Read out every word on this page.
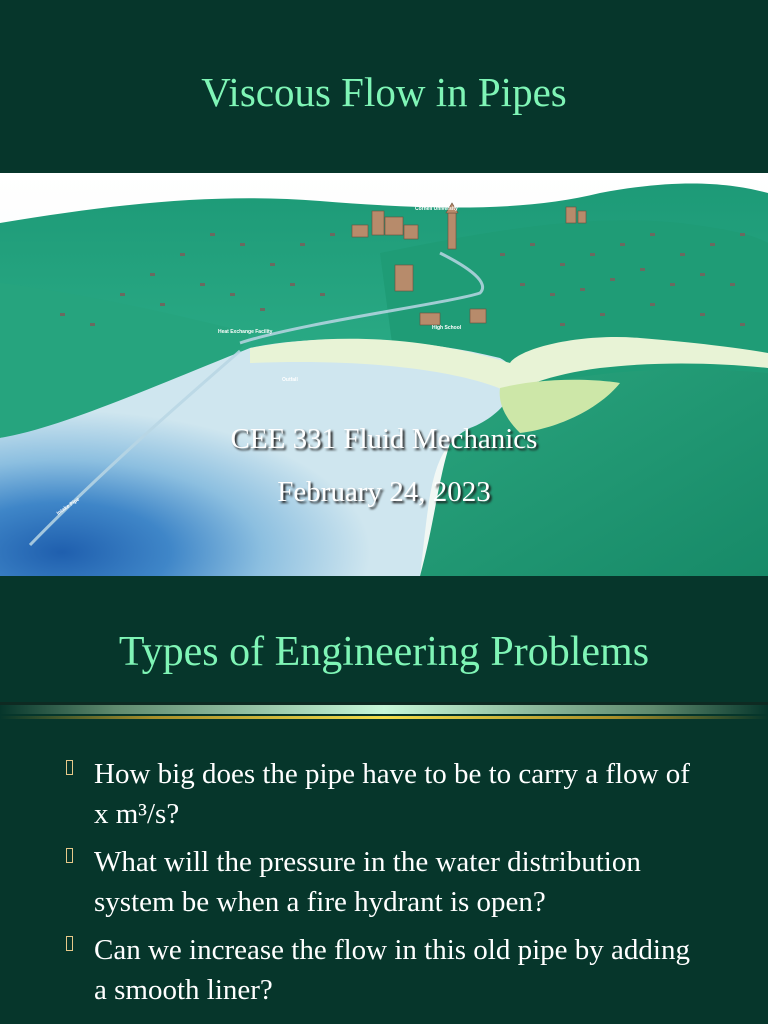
Viscous Flow in Pipes
Cornell University
Heat Exchange Facility
Outfall
High School
Intake Pipe
CEE 331 Fluid Mechanics
February 24, 2023
Types of Engineering Problems
How big does the pipe have to be to carry a flow of x m³/s?
What will the pressure in the water distribution system be when a fire hydrant is open?
Can we increase the flow in this old pipe by adding a smooth liner?
